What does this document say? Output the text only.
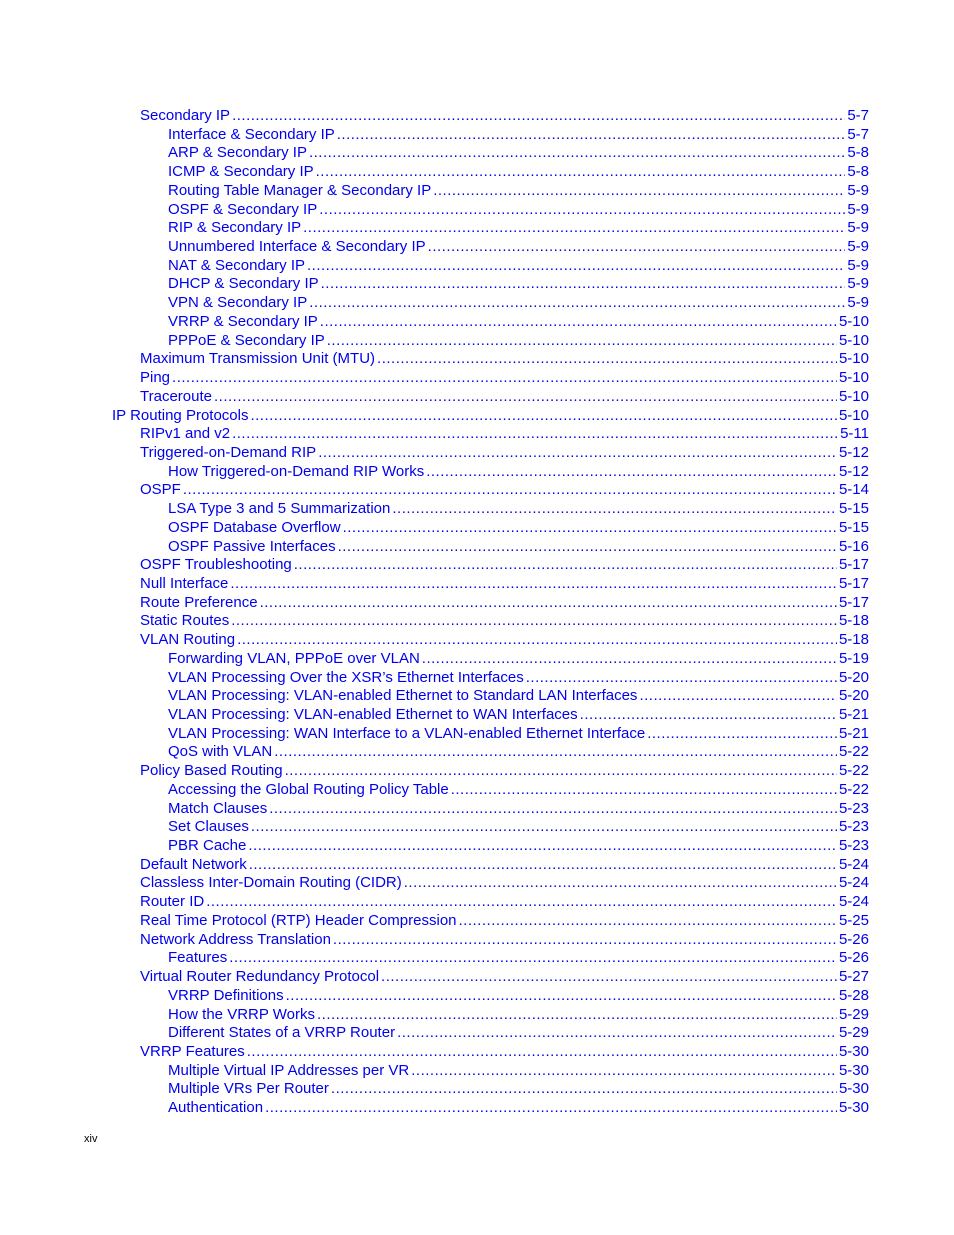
Secondary IP .....	5-7
Interface & Secondary IP .....	5-7
ARP & Secondary IP .....	5-8
ICMP & Secondary IP .....	5-8
Routing Table Manager & Secondary IP .....	5-9
OSPF & Secondary IP .....	5-9
RIP & Secondary IP .....	5-9
Unnumbered Interface & Secondary IP .....	5-9
NAT & Secondary IP .....	5-9
DHCP & Secondary IP .....	5-9
VPN & Secondary IP .....	5-9
VRRP & Secondary IP .....	5-10
PPPoE & Secondary IP .....	5-10
Maximum Transmission Unit (MTU) .....	5-10
Ping .....	5-10
Traceroute .....	5-10
IP Routing Protocols .....	5-10
RIPv1 and v2 .....	5-11
Triggered-on-Demand RIP .....	5-12
How Triggered-on-Demand RIP Works .....	5-12
OSPF .....	5-14
LSA Type 3 and 5 Summarization .....	5-15
OSPF Database Overflow .....	5-15
OSPF Passive Interfaces .....	5-16
OSPF Troubleshooting .....	5-17
Null Interface .....	5-17
Route Preference .....	5-17
Static Routes .....	5-18
VLAN Routing .....	5-18
Forwarding VLAN, PPPoE over VLAN .....	5-19
VLAN Processing Over the XSR’s Ethernet Interfaces .....	5-20
VLAN Processing: VLAN-enabled Ethernet to Standard LAN Interfaces .....	5-20
VLAN Processing: VLAN-enabled Ethernet to WAN Interfaces .....	5-21
VLAN Processing: WAN Interface to a VLAN-enabled Ethernet Interface .....	5-21
QoS with VLAN .....	5-22
Policy Based Routing .....	5-22
Accessing the Global Routing Policy Table .....	5-22
Match Clauses .....	5-23
Set Clauses .....	5-23
PBR Cache .....	5-23
Default Network .....	5-24
Classless Inter-Domain Routing (CIDR) .....	5-24
Router ID .....	5-24
Real Time Protocol (RTP) Header Compression .....	5-25
Network Address Translation .....	5-26
Features .....	5-26
Virtual Router Redundancy Protocol .....	5-27
VRRP Definitions .....	5-28
How the VRRP Works .....	5-29
Different States of a VRRP Router .....	5-29
VRRP Features .....	5-30
Multiple Virtual IP Addresses per VR .....	5-30
Multiple VRs Per Router .....	5-30
Authentication .....	5-30
xiv
